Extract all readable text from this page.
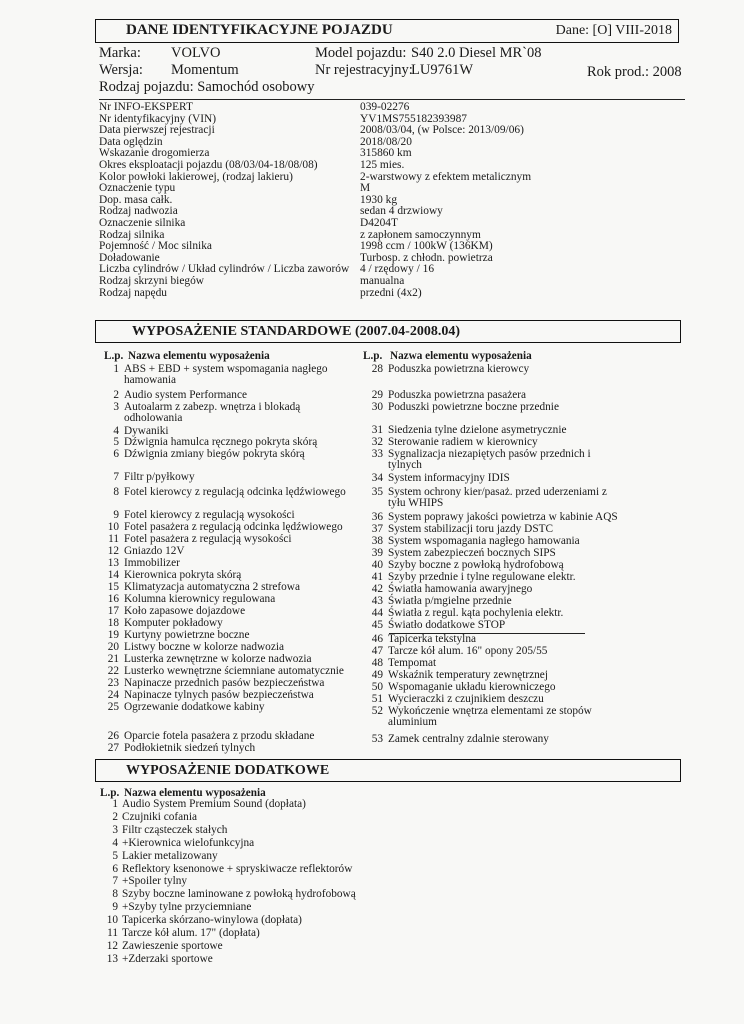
DANE IDENTYFIKACYJNE POJAZDU	Dane: [O] VIII-2018
Marka: VOLVO	Model pojazdu: S40 2.0 Diesel MR`08
Wersja: Momentum	Nr rejestracyjny:
LU9761W	Rok prod.: 2008
Rodzaj pojazdu: Samochód osobowy
Nr INFO-EKSPERT	039-02276
Nr identyfikacyjny (VIN)	YV1MS755182393987
Data pierwszej rejestracji	2008/03/04, (w Polsce: 2013/09/06)
Data oględzin	2018/08/20
Wskazanie drogomierza	315860 km
Okres eksploatacji pojazdu (08/03/04-18/08/08)	125 mies.
Kolor powłoki lakierowej, (rodzaj lakieru)	2-warstwowy z efektem metalicznym
Oznaczenie typu	M
Dop. masa całk.	1930 kg
Rodzaj nadwozia	sedan 4 drzwiowy
Oznaczenie silnika	D4204T
Rodzaj silnika	z zapłonem samoczynnym
Pojemność / Moc silnika	1998 ccm / 100kW (136KM)
Doładowanie	Turbosp. z chłodn. powietrza
Liczba cylindrów / Układ cylindrów / Liczba zaworów 4 / rzędowy / 16
Rodzaj skrzyni biegów	manualna
Rodzaj napędu	przedni (4x2)
WYPOSAŻENIE STANDARDOWE (2007.04-2008.04)
L.p. Nazwa elementu wyposażenia	L.p. Nazwa elementu wyposażenia
1 ABS + EBD + system wspomagania nagłego hamowania
2 Audio system Performance
3 Autoalarm z zabezp. wnętrza i blokadą odholowania
4 Dywaniki
5 Dźwignia hamulca ręcznego pokryta skórą
6 Dźwignia zmiany biegów pokryta skórą
7 Filtr p/pyłkowy
8 Fotel kierowcy z regulacją odcinka lędźwiowego
9 Fotel kierowcy z regulacją wysokości
10 Fotel pasażera z regulacją odcinka lędźwiowego
11 Fotel pasażera z regulacją wysokości
12 Gniazdo 12V
13 Immobilizer
14 Kierownica pokryta skórą
15 Klimatyzacja automatyczna 2 strefowa
16 Kolumna kierownicy regulowana
17 Koło zapasowe dojazdowe
18 Komputer pokładowy
19 Kurtyny powietrzne boczne
20 Listwy boczne w kolorze nadwozia
21 Lusterka zewnętrzne w kolorze nadwozia
22 Lusterko wewnętrzne ściemniane automatycznie
23 Napinacze przednich pasów bezpieczeństwa
24 Napinacze tylnych pasów bezpieczeństwa
25 Ogrzewanie dodatkowe kabiny
26 Oparcie fotela pasażera z przodu składane
27 Podłokietnik siedzeń tylnych
28 Poduszka powietrzna kierowcy
29 Poduszka powietrzna pasażera
30 Poduszki powietrzne boczne przednie
31 Siedzenia tylne dzielone asymetrycznie
32 Sterowanie radiem w kierownicy
33 Sygnalizacja niezapiętych pasów przednich i tylnych
34 System informacyjny IDIS
35 System ochrony kier/pasaż. przed uderzeniami z tyłu WHIPS
36 System poprawy jakości powietrza w kabinie AQS
37 System stabilizacji toru jazdy DSTC
38 System wspomagania nagłego hamowania
39 System zabezpieczeń bocznych SIPS
40 Szyby boczne z powłoką hydrofobową
41 Szyby przednie i tylne regulowane elektr.
42 Światła hamowania awaryjnego
43 Światła p/mgielne przednie
44 Światła z regul. kąta pochylenia elektr.
45 Światło dodatkowe STOP
46 Tapicerka tekstylna
47 Tarcze kół alum. 16" opony 205/55
48 Tempomat
49 Wskaźnik temperatury zewnętrznej
50 Wspomaganie układu kierowniczego
51 Wycieraczki z czujnikiem deszczu
52 Wykończenie wnętrza elementami ze stopów aluminium
53 Zamek centralny zdalnie sterowany
WYPOSAŻENIE DODATKOWE
L.p. Nazwa elementu wyposażenia
1 Audio System Premium Sound (dopłata)
2 Czujniki cofania
3 Filtr cząsteczek stałych
4 +Kierownica wielofunkcyjna
5 Lakier metalizowany
6 Reflektory ksenonowe + spryskiwacze reflektorów
7 +Spoiler tylny
8 Szyby boczne laminowane z powłoką hydrofobową
9 +Szyby tylne przyciemniane
10 Tapicerka skórzano-winylowa (dopłata)
11 Tarcze kół alum. 17" (dopłata)
12 Zawieszenie sportowe
13 +Zderzaki sportowe
